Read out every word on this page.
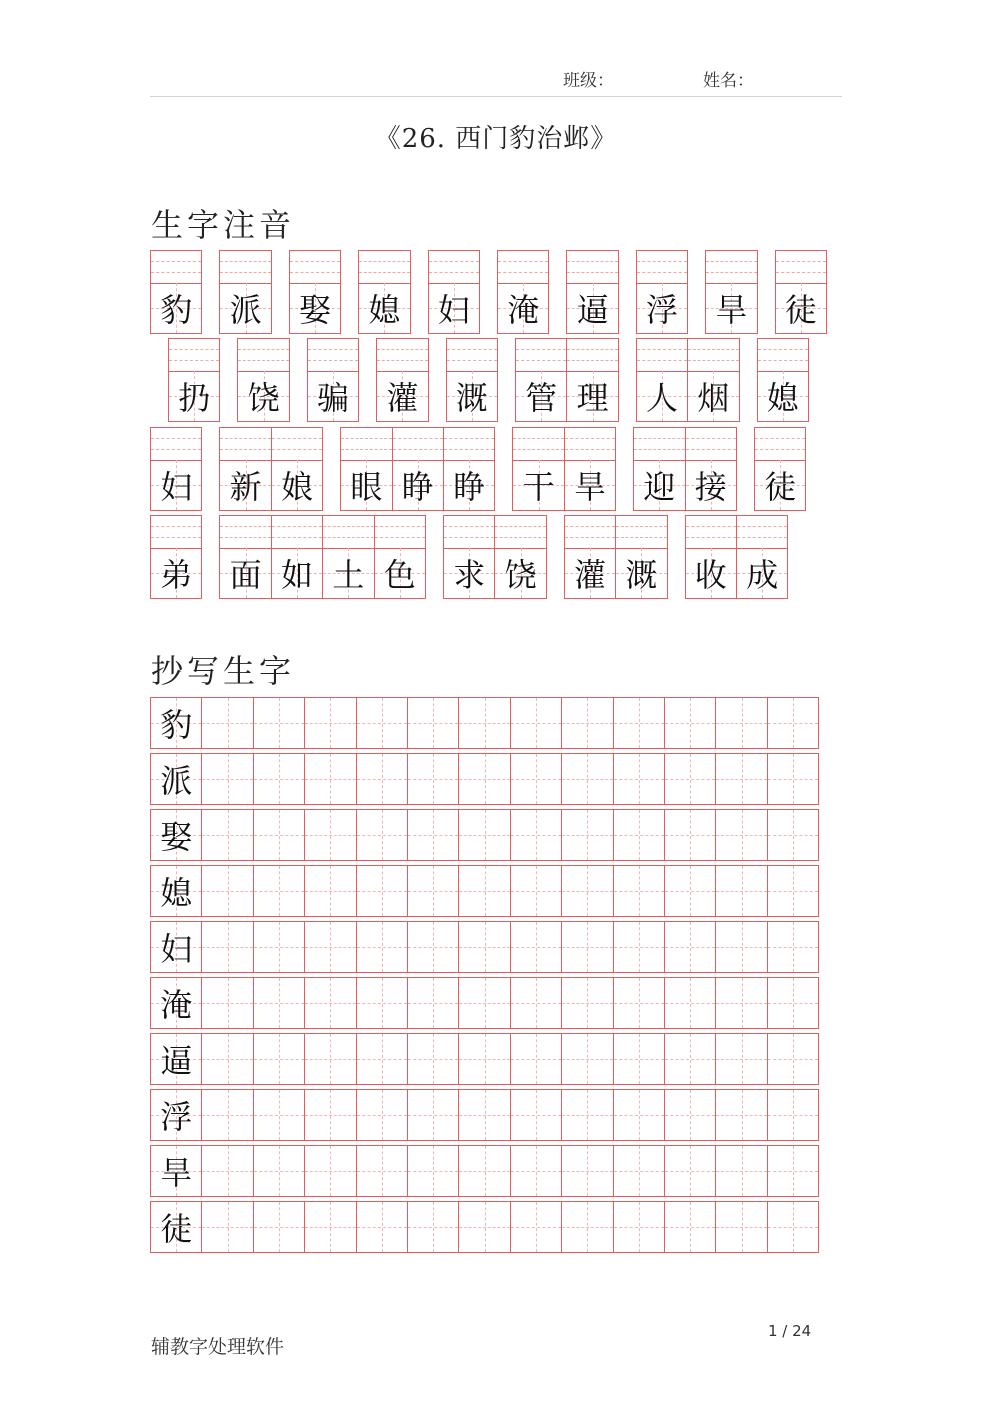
班级：	姓名：
《26. 西门豹治邺》
生字注音
豹 派 娶 媳 妇 淹 逼 浮 旱 徒
扔 饶 骗 灌 溉 管 理 人 烟 媳
妇 新 娘 眼 睁 睁 干 旱 迎 接 徒
弟 面 如 土 色 求 饶 灌 溉 收 成
抄写生字
豹
派
娶
媳
妇
淹
逼
浮
旱
徒
辅教字处理软件
1 / 24
